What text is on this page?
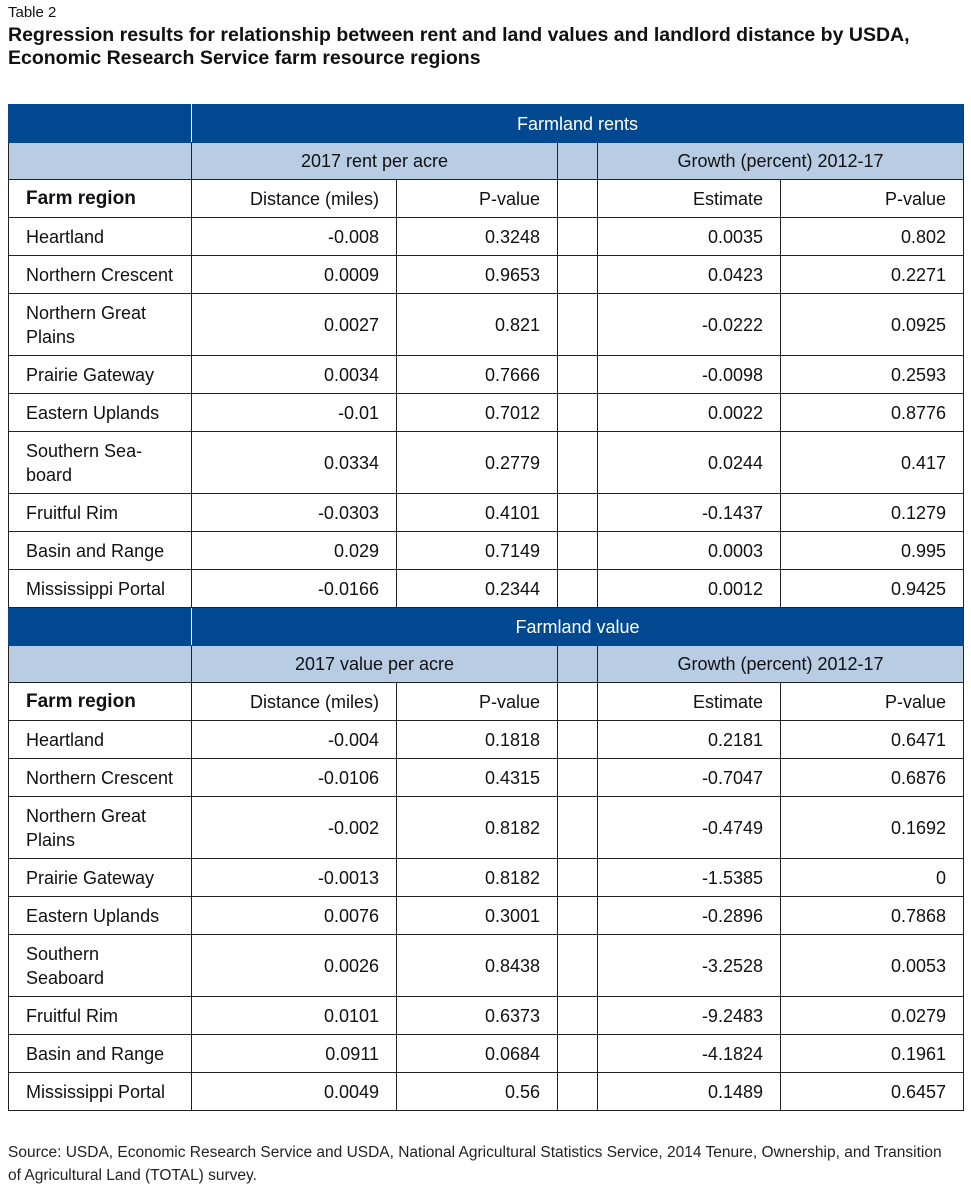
Table 2
Regression results for relationship between rent and land values and landlord distance by USDA, Economic Research Service farm resource regions
	Farmland rents				
	2017 rent per acre			Growth (percent) 2012-17	
Farm region	Distance (miles)	P-value		Estimate	P-value
Heartland	-0.008	0.3248		0.0035	0.802
Northern Crescent	0.0009	0.9653		0.0423	0.2271
Northern Great Plains	0.0027	0.821		-0.0222	0.0925
Prairie Gateway	0.0034	0.7666		-0.0098	0.2593
Eastern Uplands	-0.01	0.7012		0.0022	0.8776
Southern Sea-board	0.0334	0.2779		0.0244	0.417
Fruitful Rim	-0.0303	0.4101		-0.1437	0.1279
Basin and Range	0.029	0.7149		0.0003	0.995
Mississippi Portal	-0.0166	0.2344		0.0012	0.9425
	Farmland value				
	2017 value per acre			Growth (percent) 2012-17	
Farm region	Distance (miles)	P-value		Estimate	P-value
Heartland	-0.004	0.1818		0.2181	0.6471
Northern Crescent	-0.0106	0.4315		-0.7047	0.6876
Northern Great Plains	-0.002	0.8182		-0.4749	0.1692
Prairie Gateway	-0.0013	0.8182		-1.5385	0
Eastern Uplands	0.0076	0.3001		-0.2896	0.7868
Southern Seaboard	0.0026	0.8438		-3.2528	0.0053
Fruitful Rim	0.0101	0.6373		-9.2483	0.0279
Basin and Range	0.0911	0.0684		-4.1824	0.1961
Mississippi Portal	0.0049	0.56		0.1489	0.6457
Source: USDA, Economic Research Service and USDA, National Agricultural Statistics Service, 2014 Tenure, Ownership, and Transition of Agricultural Land (TOTAL) survey.
